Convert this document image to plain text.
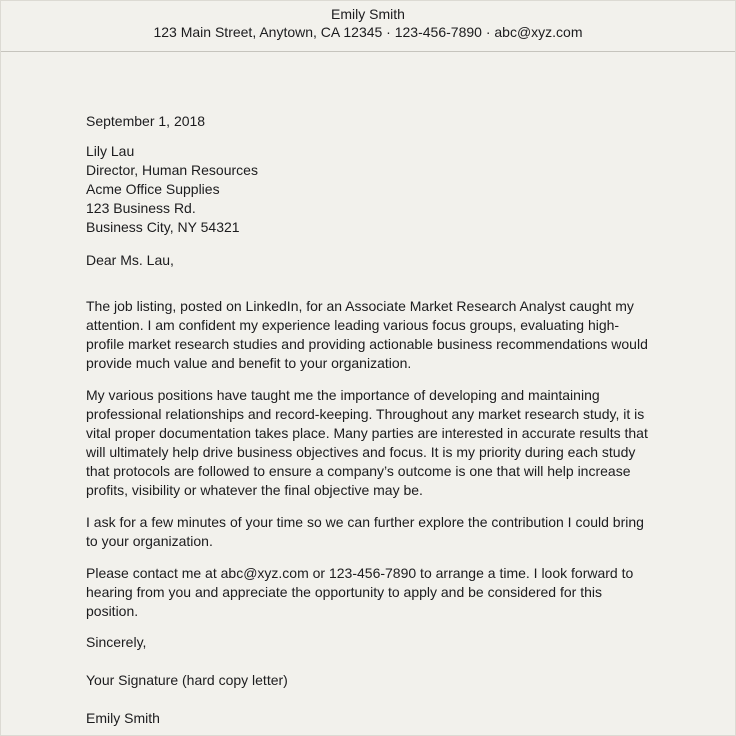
Emily Smith
123 Main Street, Anytown, CA 12345 · 123-456-7890 · abc@xyz.com
September 1, 2018
Lily Lau
Director, Human Resources
Acme Office Supplies
123 Business Rd.
Business City, NY 54321
Dear Ms. Lau,

The job listing, posted on LinkedIn, for an Associate Market Research Analyst caught my attention. I am confident my experience leading various focus groups, evaluating high-profile market research studies and providing actionable business recommendations would provide much value and benefit to your organization.

My various positions have taught me the importance of developing and maintaining professional relationships and record-keeping. Throughout any market research study, it is vital proper documentation takes place. Many parties are interested in accurate results that will ultimately help drive business objectives and focus. It is my priority during each study that protocols are followed to ensure a company’s outcome is one that will help increase profits, visibility or whatever the final objective may be.

I ask for a few minutes of your time so we can further explore the contribution I could bring to your organization.

Please contact me at abc@xyz.com or 123-456-7890 to arrange a time. I look forward to hearing from you and appreciate the opportunity to apply and be considered for this position.

Sincerely,
Your Signature (hard copy letter)
Emily Smith
